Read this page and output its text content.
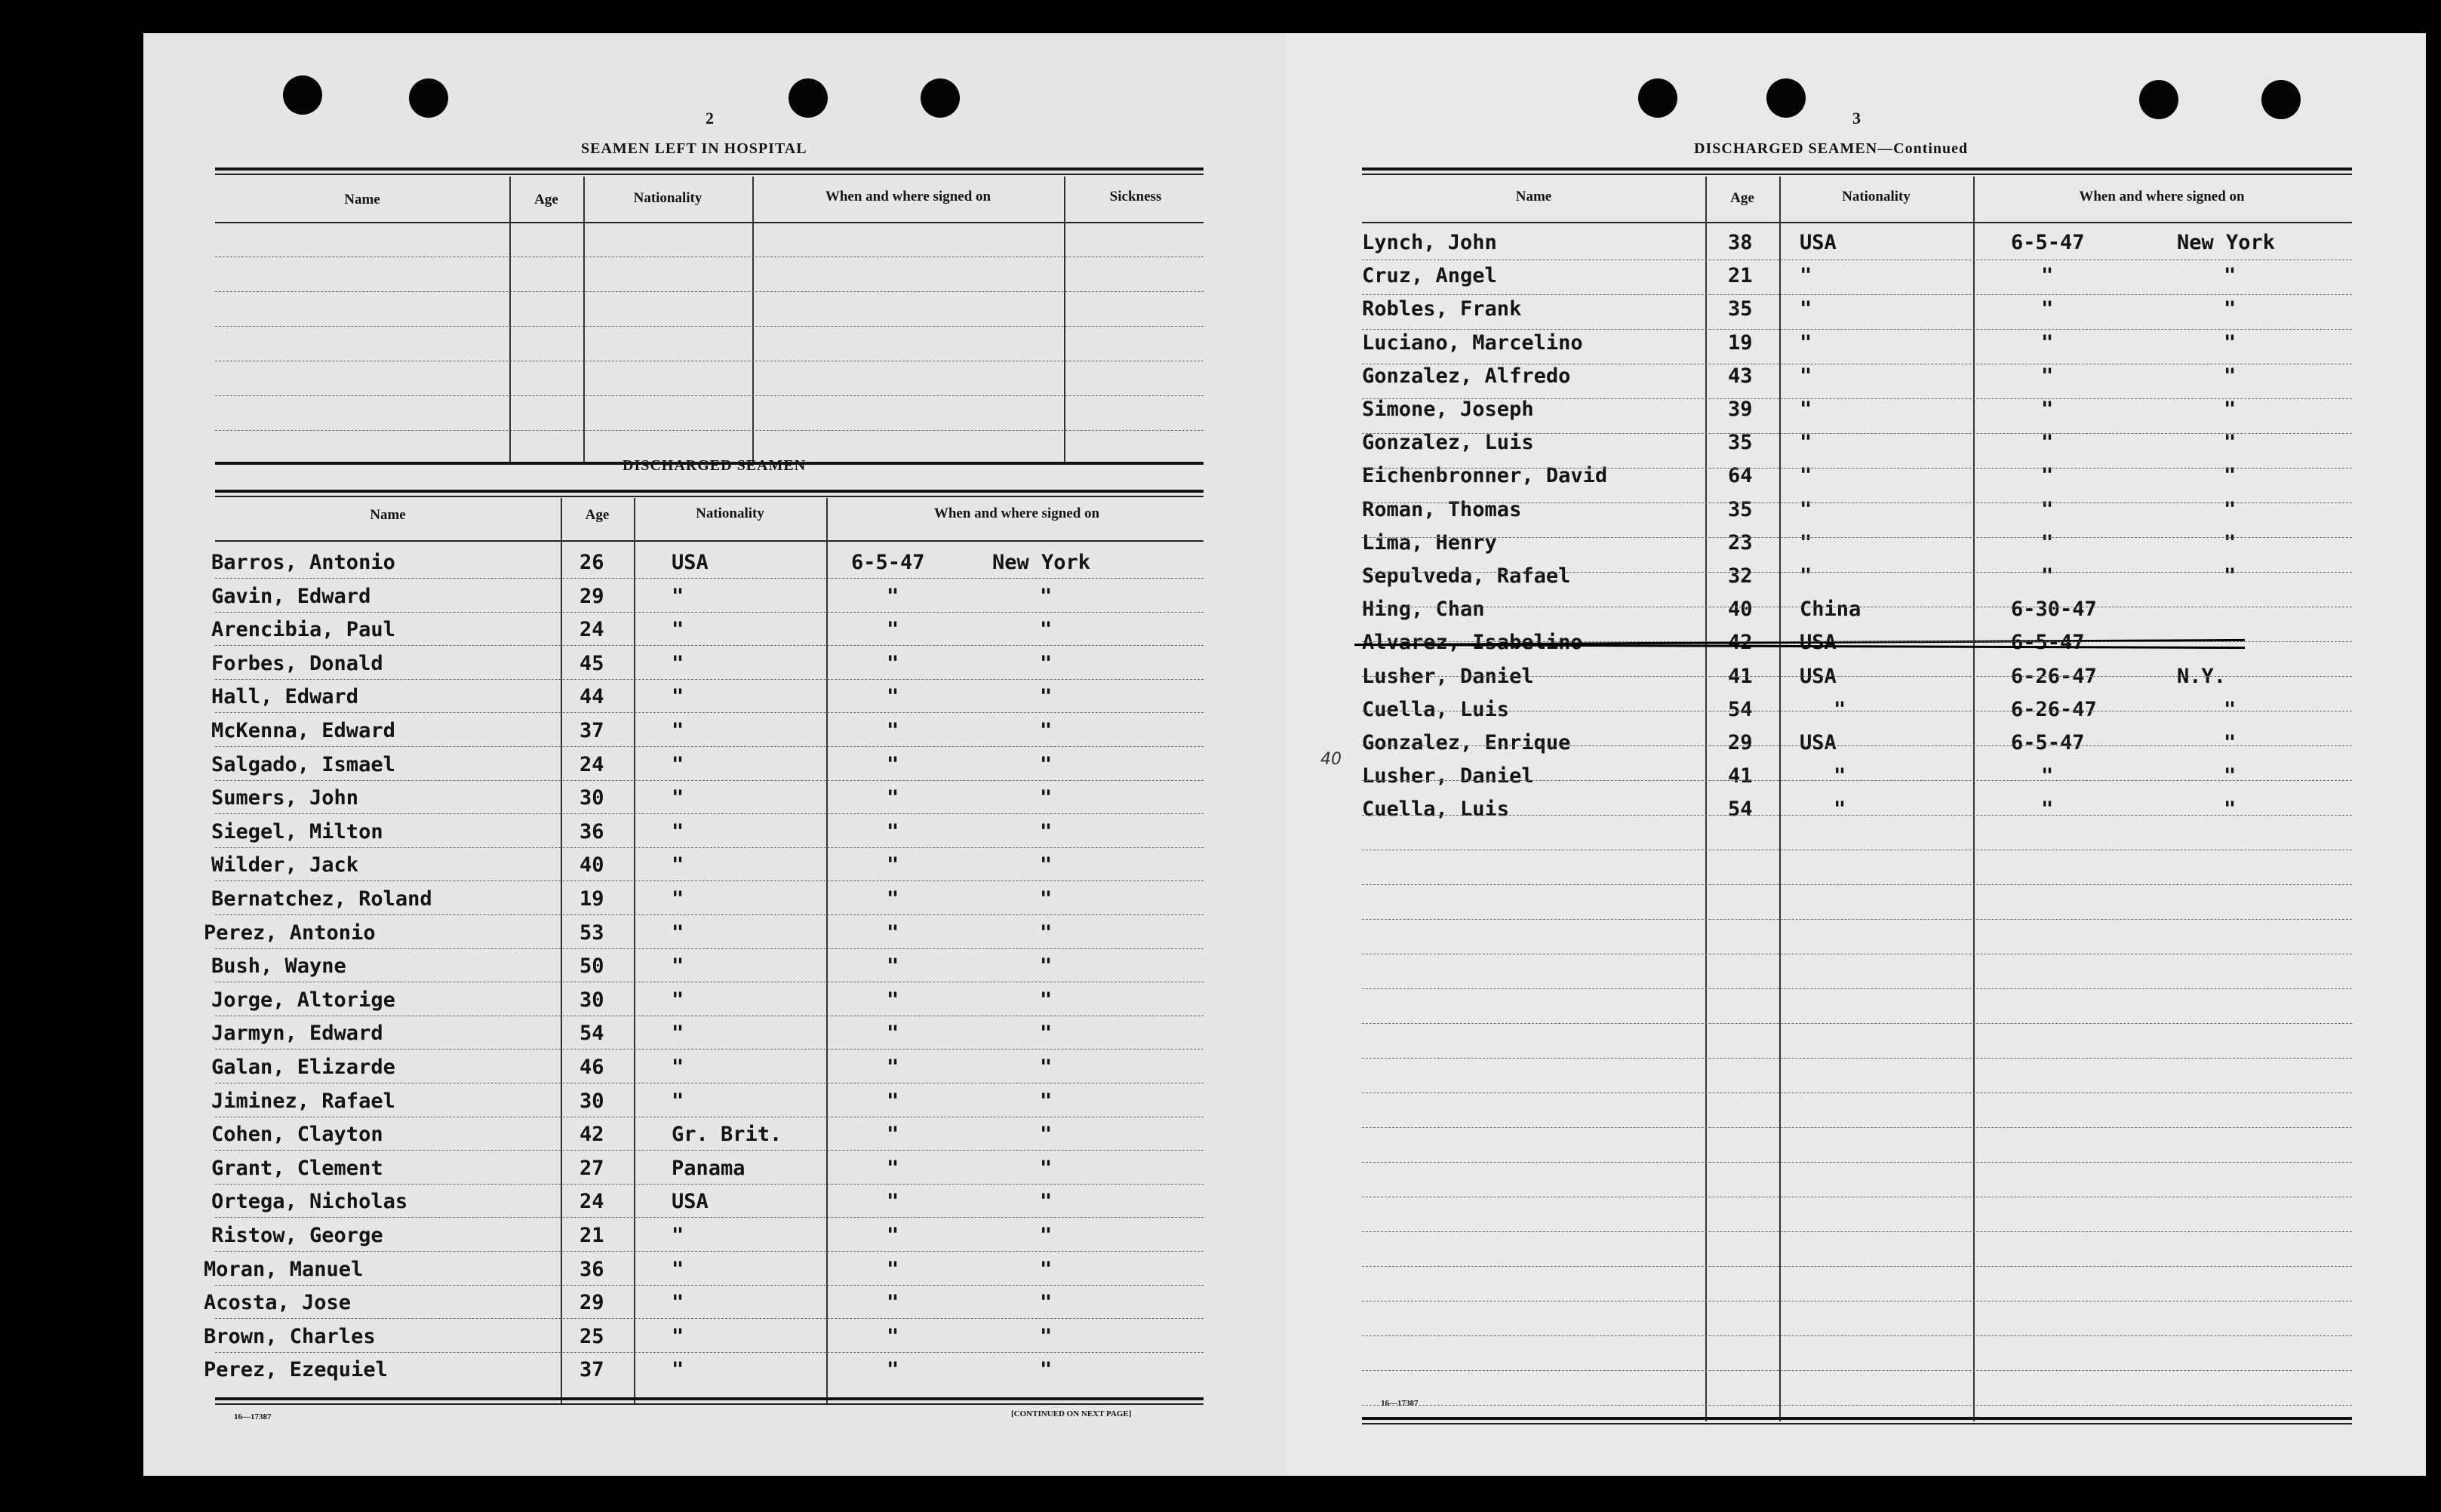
2
SEAMEN LEFT IN HOSPITAL
Name	Age	Nationality	When and where signed on	Sickness
DISCHARGED SEAMEN
Name	Age	Nationality	When and where signed on
Barros, Antonio	26	USA	6-5-47	New York
Gavin, Edward	29	"	"	"
Arencibia, Paul	24	"	"	"
Forbes, Donald	45	"	"	"
Hall, Edward	44	"	"	"
McKenna, Edward	37	"	"	"
Salgado, Ismael	24	"	"	"
Sumers, John	30	"	"	"
Siegel, Milton	36	"	"	"
Wilder, Jack	40	"	"	"
Bernatchez, Roland	19	"	"	"
Perez, Antonio	53	"	"	"
Bush, Wayne	50	"	"	"
Jorge, Altorige	30	"	"	"
Jarmyn, Edward	54	"	"	"
Galan, Elizarde	46	"	"	"
Jiminez, Rafael	30	"	"	"
Cohen, Clayton	42	Gr. Brit.	"	"
Grant, Clement	27	Panama	"	"
Ortega, Nicholas	24	USA	"	"
Ristow, George	21	"	"	"
Moran, Manuel	36	"	"	"
Acosta, Jose	29	"	"	"
Brown, Charles	25	"	"	"
Perez, Ezequiel	37	"	"	"
16—17387	[CONTINUED ON NEXT PAGE]
3
DISCHARGED SEAMEN—Continued
Name	Age	Nationality	When and where signed on
Lynch, John	38 USA	6-5-47	New York
Cruz, Angel	21 "	"	"
Robles, Frank	35 "	"	"
Luciano, Marcelino	19 "	"	"
Gonzalez, Alfredo	43 "	"	"
Simone, Joseph	39 "	"	"
Gonzalez, Luis	35 "	"	"
Eichenbronner, David	64 "	"	"
Roman, Thomas	35 "	"	"
Lima, Henry	23 "	"	"
Sepulveda, Rafael	32 "	"	"
Hing, Chan	40 China	6-30-47
Alvarez, Isabelino	42 USA	6-5-47
Lusher, Daniel	41 USA	6-26-47	N.Y.
Cuella, Luis	54	"	6-26-47	"
Gonzalez, Enrique	29 USA	6-5-47	"
Lusher, Daniel	41	"	"	"
Cuella, Luis	54	"	"	"
40
16—17387
